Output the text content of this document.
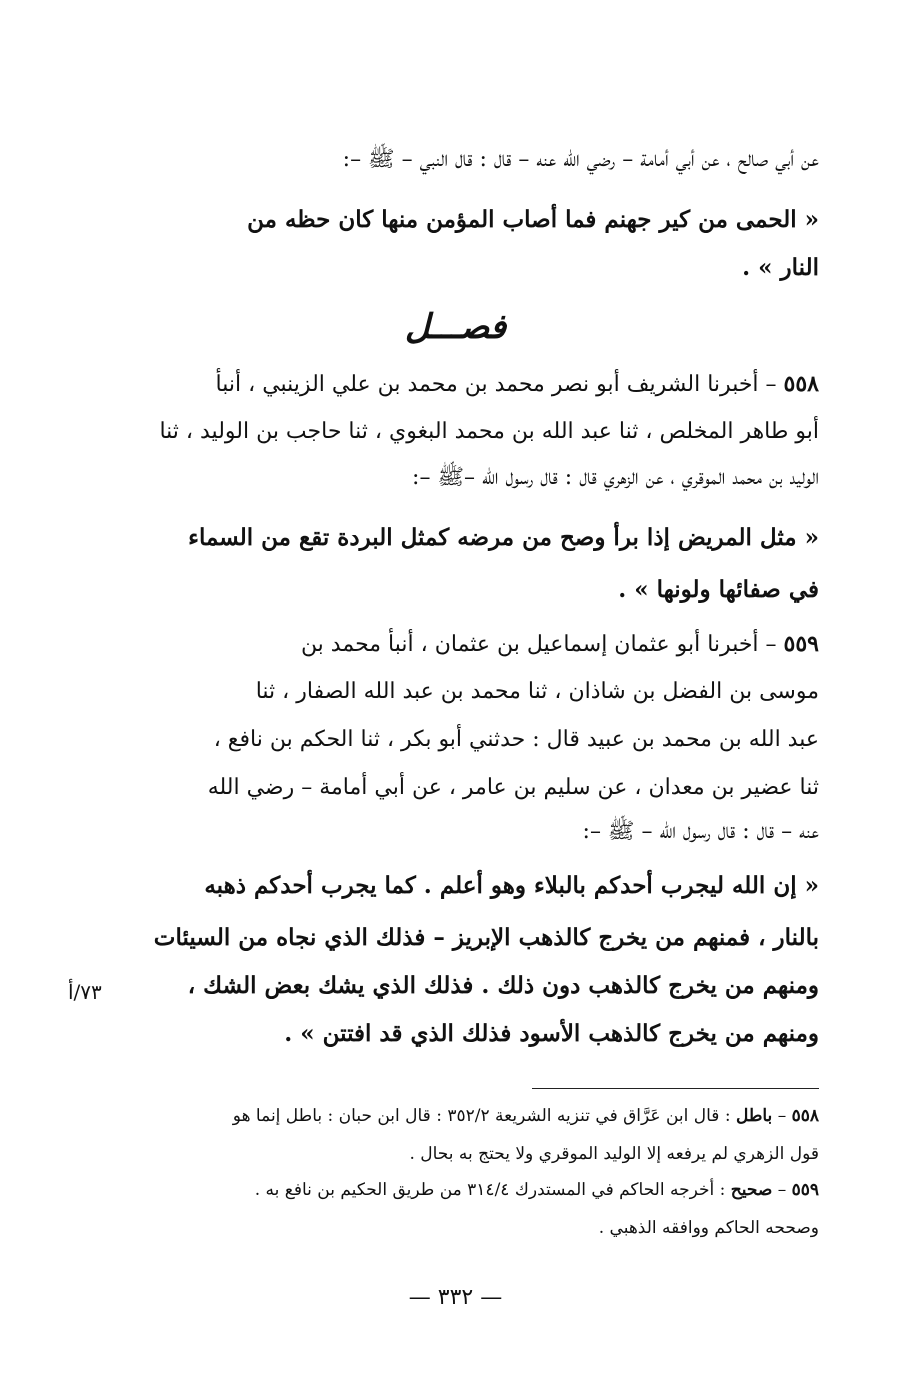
عن أبي صالح ، عن أبي أمامة – رضي الله عنه – قال : قال النبي – ﷺ –:
« الحمى من كير جهنم فما أصاب المؤمن منها كان حظه من
النار » .
فصـــل
٥٥٨ – أخبرنا الشريف أبو نصر محمد بن محمد بن علي الزينبي ، أنبأ
أبو طاهر المخلص ، ثنا عبد الله بن محمد البغوي ، ثنا حاجب بن الوليد ، ثنا
الوليد بن محمد الموقري ، عن الزهري قال : قال رسول الله –ﷺ –:
« مثل المريض إذا برأ وصح من مرضه كمثل البردة تقع من السماء
في صفائها ولونها » .
٥٥٩ – أخبرنا أبو عثمان إسماعيل بن عثمان ، أنبأ محمد بن
موسى بن الفضل بن شاذان ، ثنا محمد بن عبد الله الصفار ، ثنا
عبد الله بن محمد بن عبيد قال : حدثني أبو بكر ، ثنا الحكم بن نافع ،
ثنا عضير بن معدان ، عن سليم بن عامر ، عن أبي أمامة – رضي الله
عنه – قال : قال رسول الله – ﷺ –:
« إن الله ليجرب أحدكم بالبلاء وهو أعلم . كما يجرب أحدكم ذهبه
بالنار ، فمنهم من يخرج كالذهب الإبريز – فذلك الذي نجاه من السيئات
ومنهم من يخرج كالذهب دون ذلك . فذلك الذي يشك بعض الشك ،
ومنهم من يخرج كالذهب الأسود فذلك الذي قد افتتن » .
٧٣/أ
٥٥٨ – باطل : قال ابن عَرَّاق في تنزيه الشريعة ٣٥٢/٢ : قال ابن حبان : باطل إنما هو
قول الزهري لم يرفعه إلا الوليد الموقري ولا يحتج به بحال .
٥٥٩ – صحيح : أخرجه الحاكم في المستدرك ٣١٤/٤ من طريق الحكيم بن نافع به .
وصححه الحاكم ووافقه الذهبي .
— ٣٣٢ —
